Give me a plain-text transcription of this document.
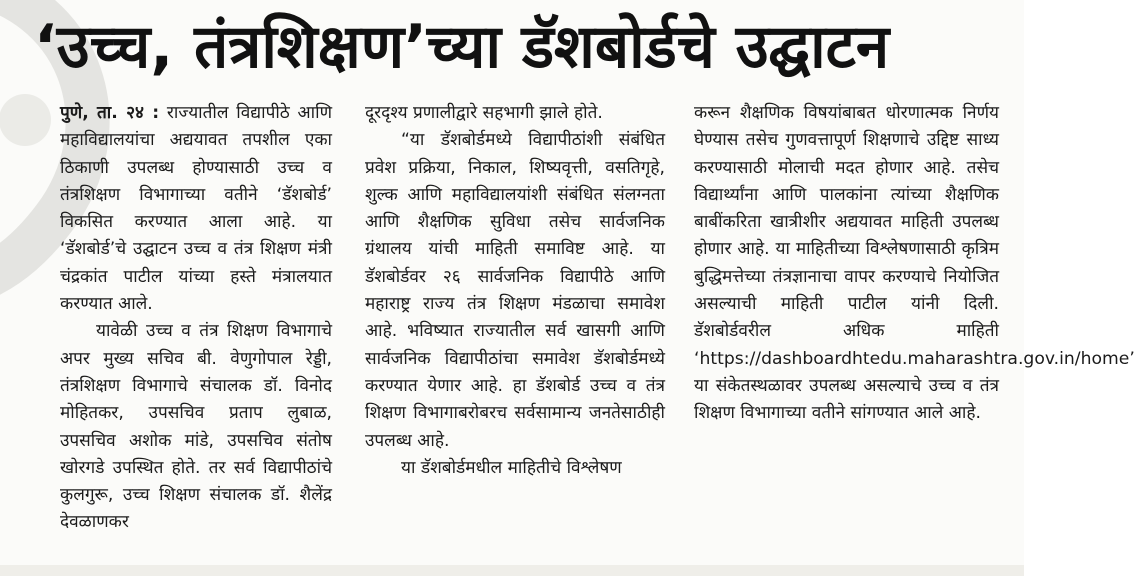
‘उच्च, तंत्रशिक्षण’च्या डॅशबोर्डचे उद्घाटन

पुणे, ता. २४ : राज्यातील विद्यापीठे आणि महाविद्यालयांचा अद्ययावत तपशील एका ठिकाणी उपलब्ध होण्यासाठी उच्च व तंत्रशिक्षण विभागाच्या वतीने ‘डॅशबोर्ड’ विकसित करण्यात आला आहे. या ‘डॅशबोर्ड’चे उद्घाटन उच्च व तंत्र शिक्षण मंत्री चंद्रकांत पाटील यांच्या हस्ते मंत्रालयात करण्यात आले.

यावेळी उच्च व तंत्र शिक्षण विभागाचे अपर मुख्य सचिव बी. वेणुगोपाल रेड्डी, तंत्रशिक्षण विभागाचे संचालक डॉ. विनोद मोहितकर, उपसचिव प्रताप लुबाळ, उपसचिव अशोक मांडे, उपसचिव संतोष खोरगडे उपस्थित होते. तर सर्व विद्यापीठांचे कुलगुरू, उच्च शिक्षण संचालक डॉ. शैलेंद्र देवळाणकर

दूरदृश्य प्रणालीद्वारे सहभागी झाले होते.

“या डॅशबोर्डमध्ये विद्यापीठांशी संबंधित प्रवेश प्रक्रिया, निकाल, शिष्यवृत्ती, वसतिगृहे, शुल्क आणि महाविद्यालयांशी संबंधित संलग्नता आणि शैक्षणिक सुविधा तसेच सार्वजनिक ग्रंथालय यांची माहिती समाविष्ट आहे. या डॅशबोर्डवर २६ सार्वजनिक विद्यापीठे आणि महाराष्ट्र राज्य तंत्र शिक्षण मंडळाचा समावेश आहे. भविष्यात राज्यातील सर्व खासगी आणि सार्वजनिक विद्यापीठांचा समावेश डॅशबोर्डमध्ये करण्यात येणार आहे. हा डॅशबोर्ड उच्च व तंत्र शिक्षण विभागाबरोबरच सर्वसामान्य जनतेसाठीही उपलब्ध आहे.

या डॅशबोर्डमधील माहितीचे विश्लेषण

करून शैक्षणिक विषयांबाबत धोरणात्मक निर्णय घेण्यास तसेच गुणवत्तापूर्ण शिक्षणाचे उद्दिष्ट साध्य करण्यासाठी मोलाची मदत होणार आहे. तसेच विद्यार्थ्यांना आणि पालकांना त्यांच्या शैक्षणिक बाबींकरिता खात्रीशीर अद्ययावत माहिती उपलब्ध होणार आहे. या माहितीच्या विश्लेषणासाठी कृत्रिम बुद्धिमत्तेच्या तंत्रज्ञानाचा वापर करण्याचे नियोजित असल्याची माहिती पाटील यांनी दिली. डॅशबोर्डवरील अधिक माहिती ‘https://dashboardhtedu.maharashtra.gov.in/home’ या संकेतस्थळावर उपलब्ध असल्याचे उच्च व तंत्र शिक्षण विभागाच्या वतीने सांगण्यात आले आहे.
